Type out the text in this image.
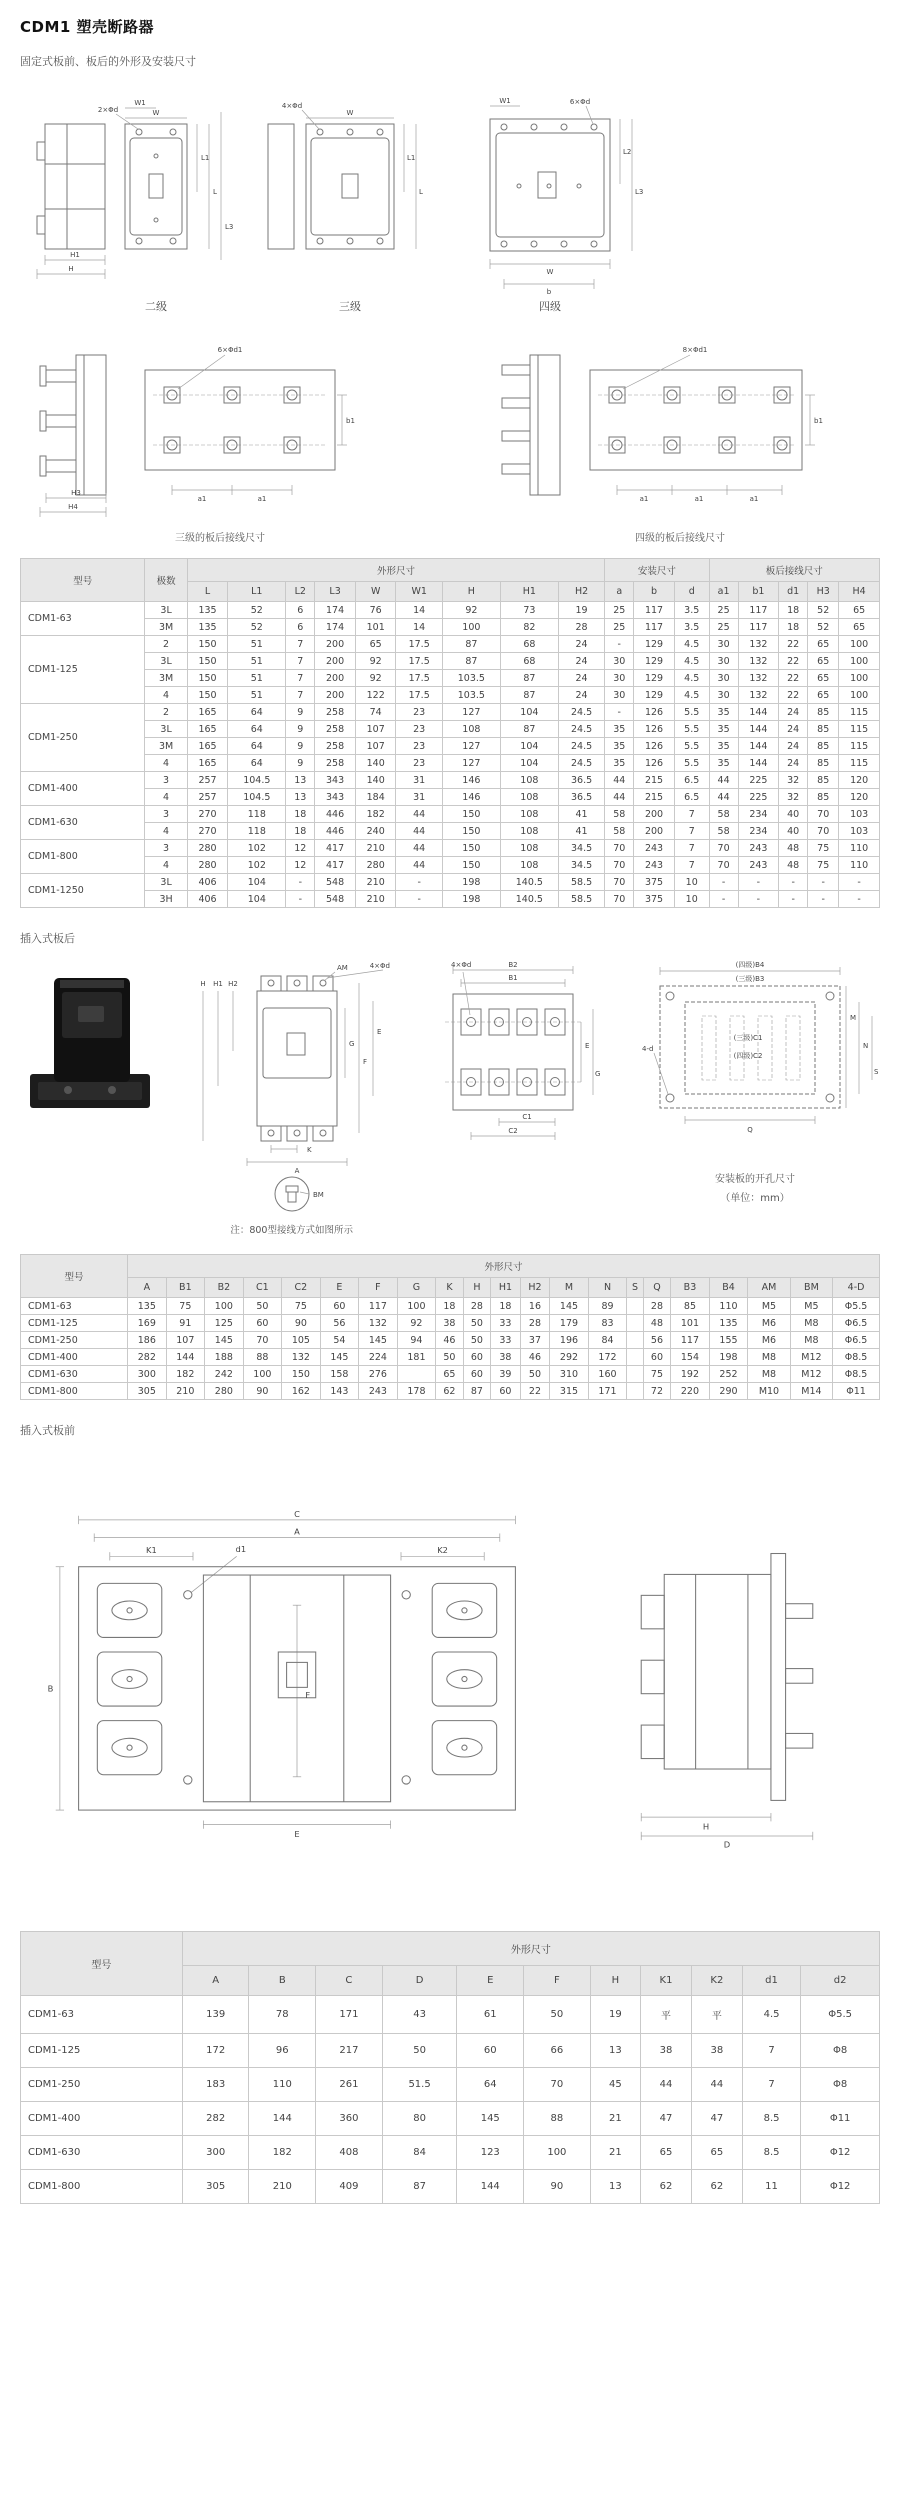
CDM1 塑壳断路器
固定式板前、板后的外形及安装尺寸
H1
H
W1
W
2×Φd
L1
L
L3
二级
4×Φd
W
L1
L
三级
W1	6×Φd
L2
L3
W
b
四级
H3
H4
6×Φd1
b1
a1	a1
三级的板后接线尺寸
8×Φd1
b1
a1	a1	a1
四级的板后接线尺寸
型号	极数	外形尺寸									安装尺寸			板后接线尺寸				
		L	L1	L2	L3	W	W1	H	H1	H2	a	b	d	a1	b1	d1	H3	H4
CDM1-63	3L	135	52	6	174	76	14	92	73	19	25	117	3.5	25	117	18	52	65
	3M	135	52	6	174	101	14	100	82	28	25	117	3.5	25	117	18	52	65
CDM1-125	2	150	51	7	200	65	17.5	87	68	24	-	129	4.5	30	132	22	65	100
	3L	150	51	7	200	92	17.5	87	68	24	30	129	4.5	30	132	22	65	100
	3M	150	51	7	200	92	17.5	103.5	87	24	30	129	4.5	30	132	22	65	100
	4	150	51	7	200	122	17.5	103.5	87	24	30	129	4.5	30	132	22	65	100
CDM1-250	2	165	64	9	258	74	23	127	104	24.5	-	126	5.5	35	144	24	85	115
	3L	165	64	9	258	107	23	108	87	24.5	35	126	5.5	35	144	24	85	115
	3M	165	64	9	258	107	23	127	104	24.5	35	126	5.5	35	144	24	85	115
	4	165	64	9	258	140	23	127	104	24.5	35	126	5.5	35	144	24	85	115
CDM1-400	3	257	104.5	13	343	140	31	146	108	36.5	44	215	6.5	44	225	32	85	120
	4	257	104.5	13	343	184	31	146	108	36.5	44	215	6.5	44	225	32	85	120
CDM1-630	3	270	118	18	446	182	44	150	108	41	58	200	7	58	234	40	70	103
	4	270	118	18	446	240	44	150	108	41	58	200	7	58	234	40	70	103
CDM1-800	3	280	102	12	417	210	44	150	108	34.5	70	243	7	70	243	48	75	110
	4	280	102	12	417	280	44	150	108	34.5	70	243	7	70	243	48	75	110
CDM1-1250	3L	406	104	-	548	210	-	198	140.5	58.5	70	375	10	-	-	-	-	-
	3H	406	104	-	548	210	-	198	140.5	58.5	70	375	10	-	-	-	-	-
插入式板后
H H1 H2
AM	4×Φd
G
F
E
K
A
BM
注：800型接线方式如图所示
4×Φd	B2
B1
C1
C2
E
G
(四级)B4
(三级)B3
(三级)C1
(四级)C2
4-d
M
N
S
Q
安装板的开孔尺寸
（单位：mm）
型号	外形尺寸																				
	A	B1	B2	C1	C2	E	F	G	K	H	H1	H2	M	N	S	Q	B3	B4	AM	BM	4-D
CDM1-63	135	75	100	50	75	60	117	100	18	28	18	16	145	89		28	85	110	M5	M5	Φ5.5
CDM1-125	169	91	125	60	90	56	132	92	38	50	33	28	179	83		48	101	135	M6	M8	Φ6.5
CDM1-250	186	107	145	70	105	54	145	94	46	50	33	37	196	84		56	117	155	M6	M8	Φ6.5
CDM1-400	282	144	188	88	132	145	224	181	50	60	38	46	292	172		60	154	198	M8	M12	Φ8.5
CDM1-630	300	182	242	100	150	158	276		65	60	39	50	310	160		75	192	252	M8	M12	Φ8.5
CDM1-800	305	210	280	90	162	143	243	178	62	87	60	22	315	171		72	220	290	M10	M14	Φ11
插入式板前
C
A
K1	K2
d1
B
F
E
H
D
型号	外形尺寸										
	A	B	C	D	E	F	H	K1	K2	d1	d2
CDM1-63	139	78	171	43	61	50	19	平	平	4.5	Φ5.5
CDM1-125	172	96	217	50	60	66	13	38	38	7	Φ8
CDM1-250	183	110	261	51.5	64	70	45	44	44	7	Φ8
CDM1-400	282	144	360	80	145	88	21	47	47	8.5	Φ11
CDM1-630	300	182	408	84	123	100	21	65	65	8.5	Φ12
CDM1-800	305	210	409	87	144	90	13	62	62	11	Φ12
